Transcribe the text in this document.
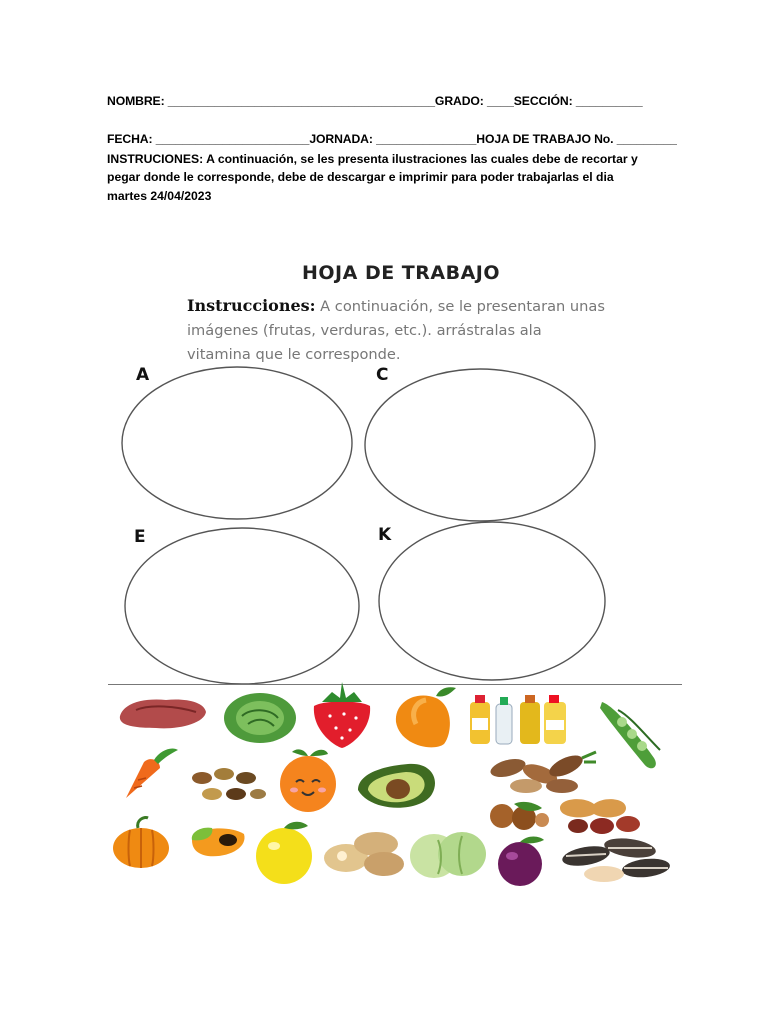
NOMBRE: ________________________________________GRADO: ____SECCIÓN: __________
FECHA: _______________________JORNADA: _______________HOJA DE TRABAJO No. _________
INSTRUCIONES: A continuación, se les presenta ilustraciones las cuales debe de recortar y pegar donde le corresponde, debe de descargar e imprimir para poder trabajarlas el dia martes 24/04/2023
HOJA DE TRABAJO
Instrucciones: A continuación, se le presentaran unas imágenes (frutas, verduras, etc.). arrástralas ala vitamina que le corresponde.
A	C
E	K
